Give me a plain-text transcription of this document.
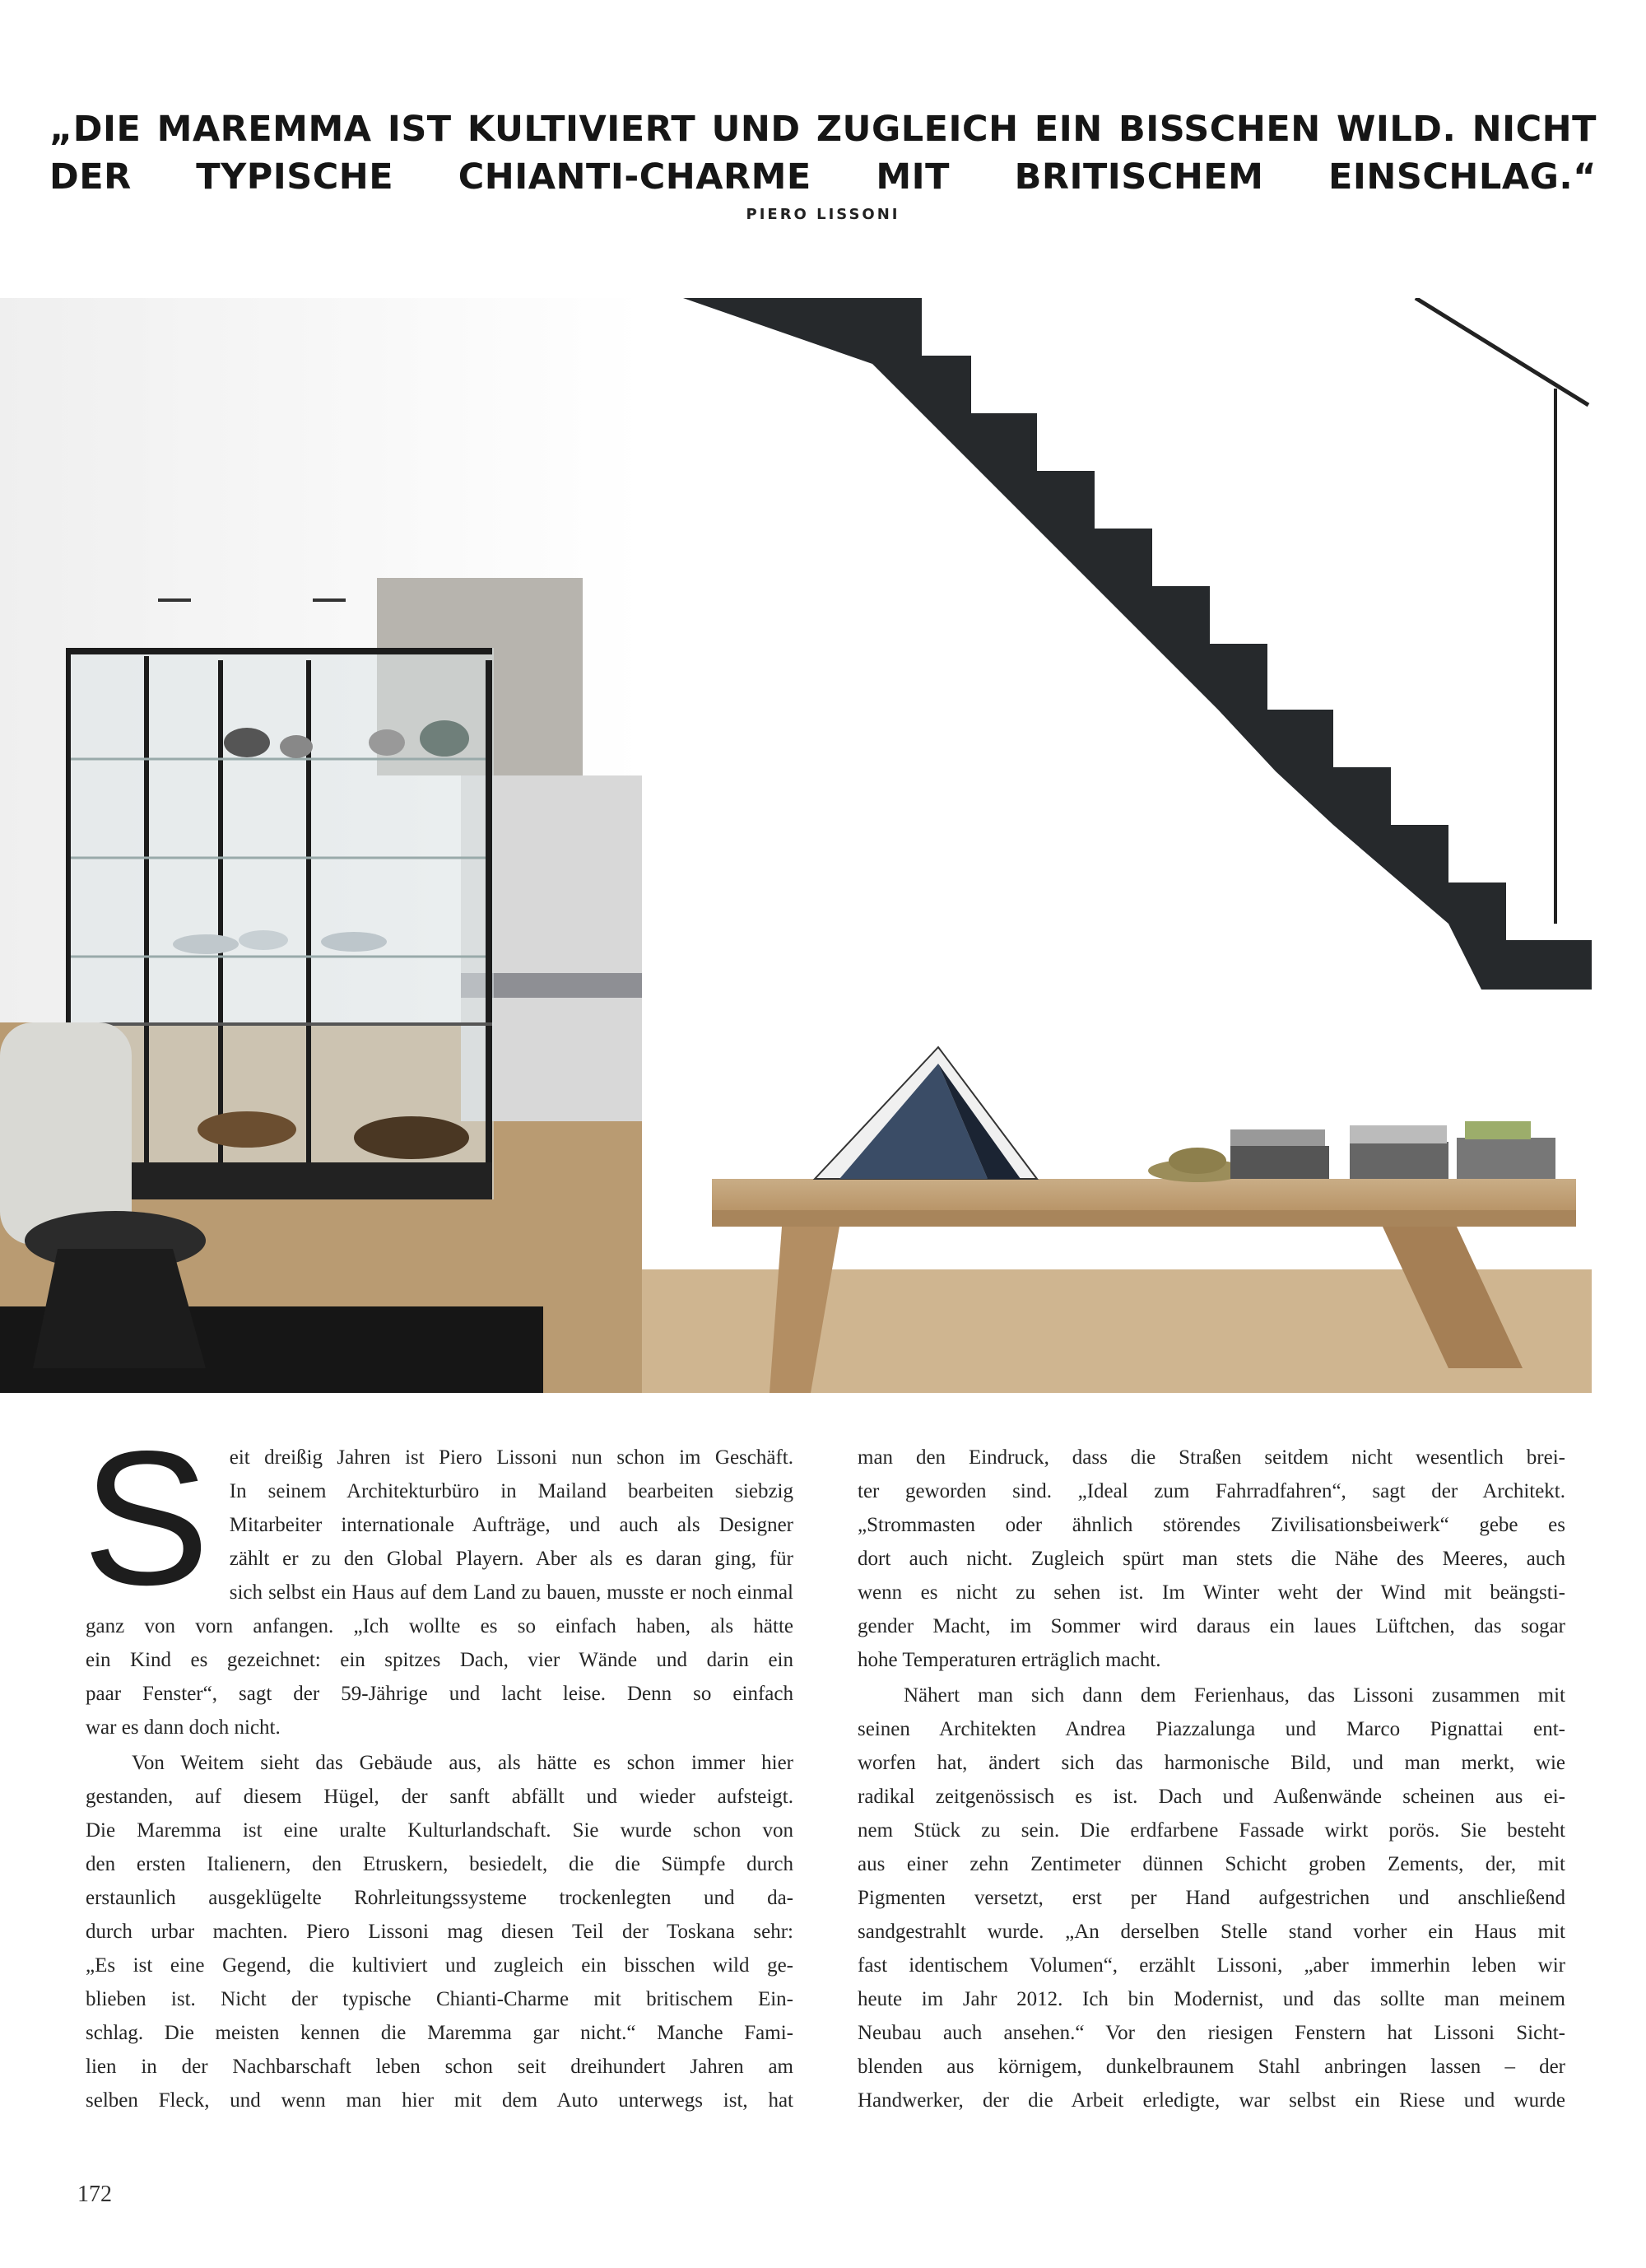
„DIE MAREMMA IST KULTIVIERT UND ZUGLEICH EIN BISSCHEN WILD. NICHT
DER TYPISCHE CHIANTI-CHARME MIT BRITISCHEM EINSCHLAG.“
PIERO LISSONI

S eit dreißig Jahren ist Piero Lissoni nun schon im Geschäft.
In seinem Architekturbüro in Mailand bearbeiten siebzig
Mitarbeiter internationale Aufträge, und auch als Designer
zählt er zu den Global Playern. Aber als es daran ging, für
sich selbst ein Haus auf dem Land zu bauen, musste er noch einmal
ganz von vorn anfangen. „Ich wollte es so einfach haben, als hätte
ein Kind es gezeichnet: ein spitzes Dach, vier Wände und darin ein
paar Fenster“, sagt der 59-Jährige und lacht leise. Denn so einfach
war es dann doch nicht.

Von Weitem sieht das Gebäude aus, als hätte es schon immer hier
gestanden, auf diesem Hügel, der sanft abfällt und wieder aufsteigt.
Die Maremma ist eine uralte Kulturlandschaft. Sie wurde schon von
den ersten Italienern, den Etruskern, besiedelt, die die Sümpfe durch
erstaunlich ausgeklügelte Rohrleitungssysteme trockenlegten und da-
durch urbar machten. Piero Lissoni mag diesen Teil der Toskana sehr:
„Es ist eine Gegend, die kultiviert und zugleich ein bisschen wild ge-
blieben ist. Nicht der typische Chianti-Charme mit britischem Ein-
schlag. Die meisten kennen die Maremma gar nicht.“ Manche Fami-
lien in der Nachbarschaft leben schon seit dreihundert Jahren am
selben Fleck, und wenn man hier mit dem Auto unterwegs ist, hat

man den Eindruck, dass die Straßen seitdem nicht wesentlich brei-
ter geworden sind. „Ideal zum Fahrradfahren“, sagt der Architekt.
„Strommasten oder ähnlich störendes Zivilisationsbeiwerk“ gebe es
dort auch nicht. Zugleich spürt man stets die Nähe des Meeres, auch
wenn es nicht zu sehen ist. Im Winter weht der Wind mit beängsti-
gender Macht, im Sommer wird daraus ein laues Lüftchen, das sogar
hohe Temperaturen erträglich macht.

Nähert man sich dann dem Ferienhaus, das Lissoni zusammen mit
seinen Architekten Andrea Piazzalunga und Marco Pignattai ent-
worfen hat, ändert sich das harmonische Bild, und man merkt, wie
radikal zeitgenössisch es ist. Dach und Außenwände scheinen aus ei-
nem Stück zu sein. Die erdfarbene Fassade wirkt porös. Sie besteht
aus einer zehn Zentimeter dünnen Schicht groben Zements, der, mit
Pigmenten versetzt, erst per Hand aufgestrichen und anschließend
sandgestrahlt wurde. „An derselben Stelle stand vorher ein Haus mit
fast identischem Volumen“, erzählt Lissoni, „aber immerhin leben wir
heute im Jahr 2012. Ich bin Modernist, und das sollte man meinem
Neubau auch ansehen.“ Vor den riesigen Fenstern hat Lissoni Sicht-
blenden aus körnigem, dunkelbraunem Stahl anbringen lassen – der
Handwerker, der die Arbeit erledigte, war selbst ein Riese und wurde

172
